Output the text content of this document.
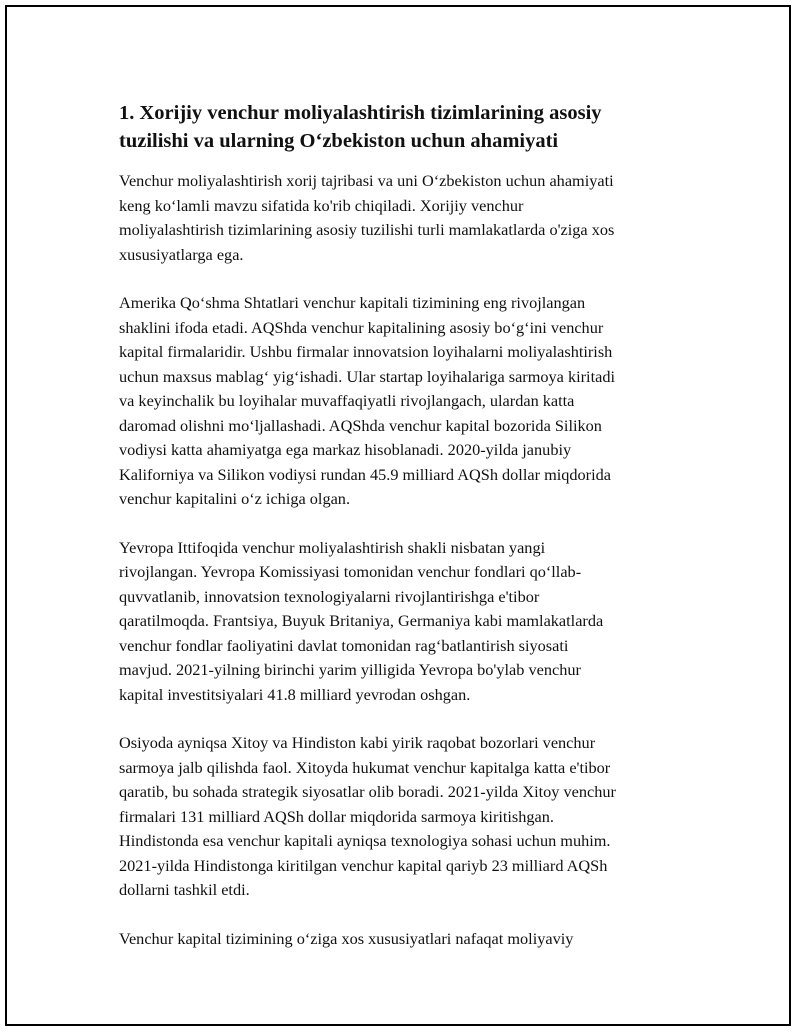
1. Xorijiy venchur moliyalashtirish tizimlarining asosiy
tuzilishi va ularning O‘zbekiston uchun ahamiyati

Venchur moliyalashtirish xorij tajribasi va uni O‘zbekiston uchun ahamiyati
keng ko‘lamli mavzu sifatida ko'rib chiqiladi. Xorijiy venchur
moliyalashtirish tizimlarining asosiy tuzilishi turli mamlakatlarda o'ziga xos
xususiyatlarga ega.

Amerika Qo‘shma Shtatlari venchur kapitali tizimining eng rivojlangan
shaklini ifoda etadi. AQShda venchur kapitalining asosiy bo‘g‘ini venchur
kapital firmalaridir. Ushbu firmalar innovatsion loyihalarni moliyalashtirish
uchun maxsus mablag‘ yig‘ishadi. Ular startap loyihalariga sarmoya kiritadi
va keyinchalik bu loyihalar muvaffaqiyatli rivojlangach, ulardan katta
daromad olishni mo‘ljallashadi. AQShda venchur kapital bozorida Silikon
vodiysi katta ahamiyatga ega markaz hisoblanadi. 2020-yilda janubiy
Kaliforniya va Silikon vodiysi rundan 45.9 milliard AQSh dollar miqdorida
venchur kapitalini o‘z ichiga olgan.

Yevropa Ittifoqida venchur moliyalashtirish shakli nisbatan yangi
rivojlangan. Yevropa Komissiyasi tomonidan venchur fondlari qo‘llab-
quvvatlanib, innovatsion texnologiyalarni rivojlantirishga e'tibor
qaratilmoqda. Frantsiya, Buyuk Britaniya, Germaniya kabi mamlakatlarda
venchur fondlar faoliyatini davlat tomonidan rag‘batlantirish siyosati
mavjud. 2021-yilning birinchi yarim yilligida Yevropa bo'ylab venchur
kapital investitsiyalari 41.8 milliard yevrodan oshgan.

Osiyoda ayniqsa Xitoy va Hindiston kabi yirik raqobat bozorlari venchur
sarmoya jalb qilishda faol. Xitoyda hukumat venchur kapitalga katta e'tibor
qaratib, bu sohada strategik siyosatlar olib boradi. 2021-yilda Xitoy venchur
firmalari 131 milliard AQSh dollar miqdorida sarmoya kiritishgan.
Hindistonda esa venchur kapitali ayniqsa texnologiya sohasi uchun muhim.
2021-yilda Hindistonga kiritilgan venchur kapital qariyb 23 milliard AQSh
dollarni tashkil etdi.

Venchur kapital tizimining o‘ziga xos xususiyatlari nafaqat moliyaviy
